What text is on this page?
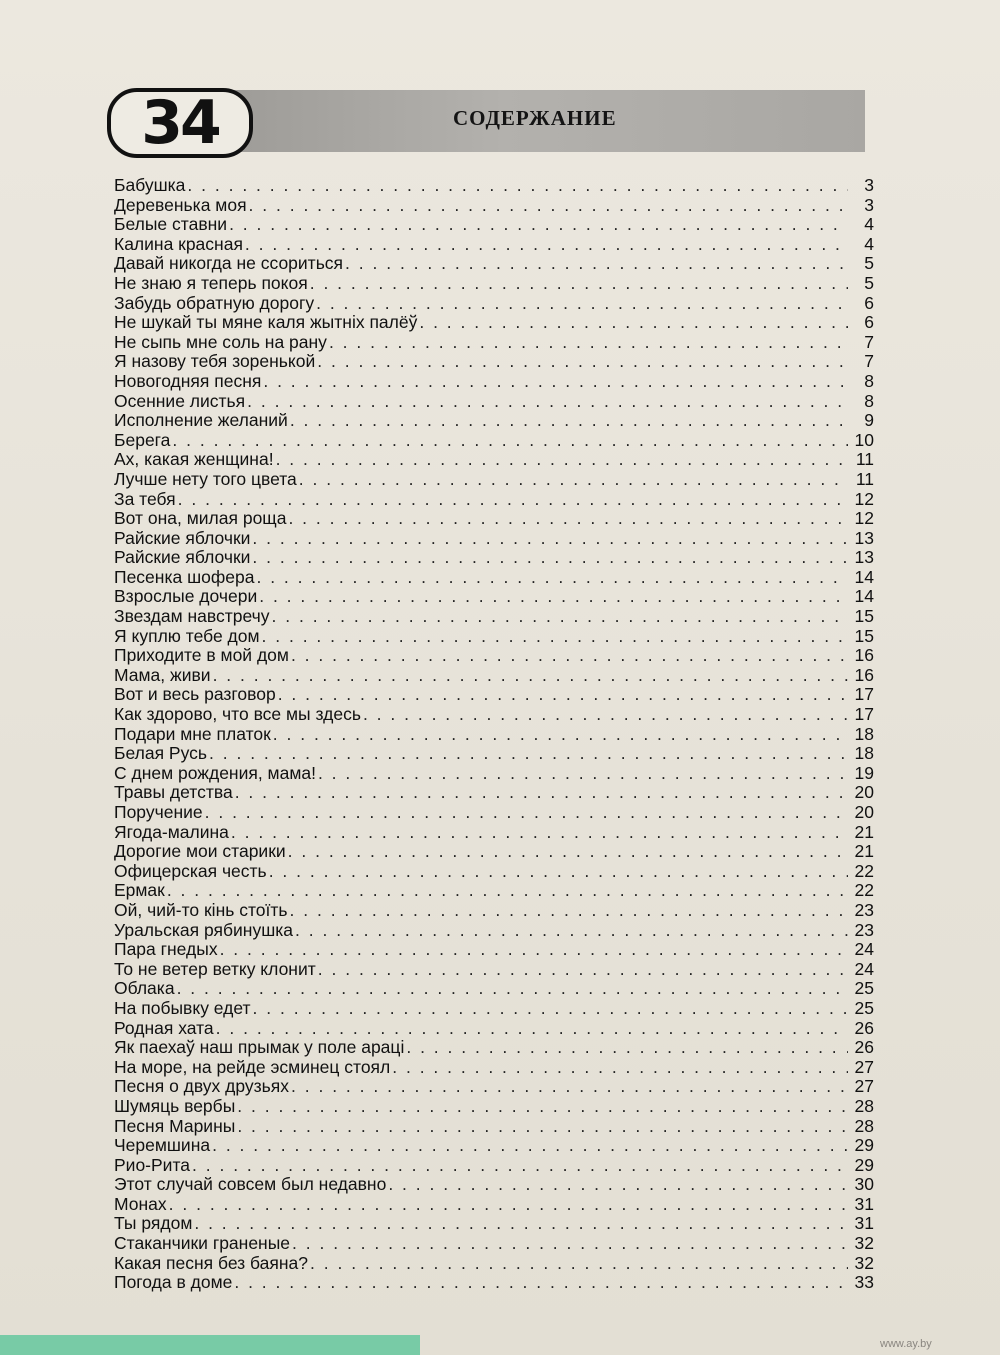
34	СОДЕРЖАНИЕ
Бабушка . . .	3
Деревенька моя . . .	3
Белые ставни . . .	4
Калина красная . . .	4
Давай никогда не ссориться . . .	5
Не знаю я теперь покоя . . .	5
Забудь обратную дорогу . . .	6
Не шукай ты мяне каля жытніх палёў . . .	6
Не сыпь мне соль на рану . . .	7
Я назову тебя зоренькой . . .	7
Новогодняя песня . . .	8
Осенние листья . . .	8
Исполнение желаний . . .	9
Берега . . .	10
Ах, какая женщина! . . .	11
Лучше нету того цвета . . .	11
За тебя . . .	12
Вот она, милая роща . . .	12
Райские яблочки . . .	13
Райские яблочки . . .	13
Песенка шофера . . .	14
Взрослые дочери . . .	14
Звездам навстречу . . .	15
Я куплю тебе дом . . .	15
Приходите в мой дом . . .	16
Мама, живи . . .	16
Вот и весь разговор . . .	17
Как здорово, что все мы здесь . . .	17
Подари мне платок . . .	18
Белая Русь . . .	18
С днем рождения, мама! . . .	19
Травы детства . . .	20
Поручение . . .	20
Ягода-малина . . .	21
Дорогие мои старики . . .	21
Офицерская честь . . .	22
Ермак . . .	22
Ой, чий-то кінь стоїть . . .	23
Уральская рябинушка . . .	23
Пара гнедых . . .	24
То не ветер ветку клонит . . .	24
Облака . . .	25
На побывку едет . . .	25
Родная хата . . .	26
Як паехаў наш прымак у поле араці . . .	26
На море, на рейде эсминец стоял . . .	27
Песня о двух друзьях . . .	27
Шумяць вербы . . .	28
Песня Марины . . .	28
Черемшина . . .	29
Рио-Рита . . .	29
Этот случай совсем был недавно . . .	30
Монах . . .	31
Ты рядом . . .	31
Стаканчики граненые . . .	32
Какая песня без баяна? . . .	32
Погода в доме . . .	33
www.ay.by
